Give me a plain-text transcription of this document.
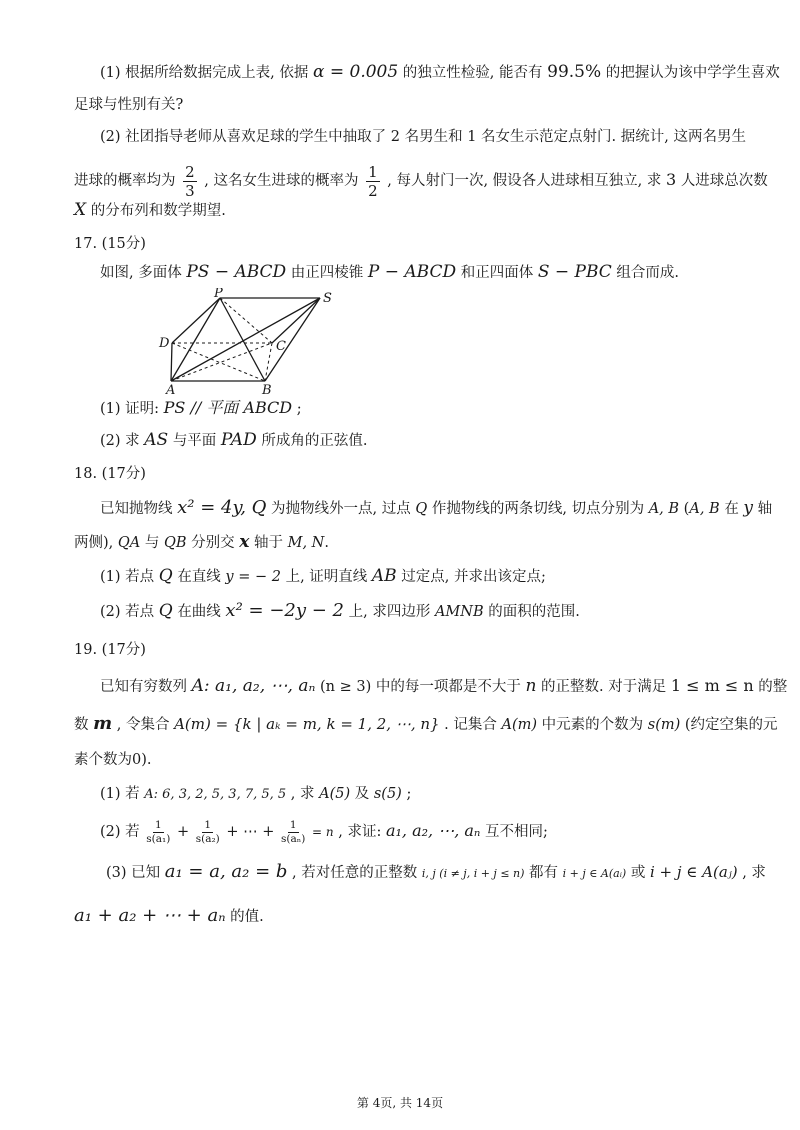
(1) 根据所给数据完成上表, 依据 α = 0.005 的独立性检验, 能否有 99.5% 的把握认为该中学学生喜欢
足球与性别有关?
(2) 社团指导老师从喜欢足球的学生中抽取了 2 名男生和 1 名女生示范定点射门. 据统计, 这两名男生
进球的概率均为 $\frac{2}{3}$ , 这名女生进球的概率为 $\frac{1}{2}$ , 每人射门一次, 假设各人进球相互独立, 求 3 人进球总次数
X 的分布列和数学期望.
17. (15分)
如图, 多面体 PS − ABCD 由正四棱锥 P − ABCD 和正四面体 S − PBC 组合而成.
P	S
D	C
A	B
(1) 证明: PS // 平面 ABCD ;
(2) 求 AS 与平面 PAD 所成角的正弦值.
18. (17分)
已知抛物线 x² = 4y, Q 为抛物线外一点, 过点 Q 作抛物线的两条切线, 切点分别为 A, B (A, B 在 y 轴
两侧), QA 与 QB 分别交 x 轴于 M, N.
(1) 若点 Q 在直线 y = − 2 上, 证明直线 AB 过定点, 并求出该定点;
(2) 若点 Q 在曲线 x² = −2y − 2 上, 求四边形 AMNB 的面积的范围.
19. (17分)
已知有穷数列 A: a₁, a₂, ⋯, aₙ (n ≥ 3) 中的每一项都是不大于 n 的正整数. 对于满足 1 ≤ m ≤ n 的整
数 m , 令集合 A(m) = {k | aₖ = m, k = 1, 2, ⋯, n} . 记集合 A(m) 中元素的个数为 s(m) (约定空集的元
素个数为0).
(1) 若 A: 6, 3, 2, 5, 3, 7, 5, 5 , 求 A(5) 及 s(5) ;
(2) 若 $\frac{1}{\text{s(a₁)}} + \frac{1}{\text{s(a₂)}}$ + ⋯ + $\frac{1}{\text{s(aₙ)}} = n$ , 求证: a₁, a₂, ⋯, aₙ 互不相同;
(3) 已知 a₁ = a, a₂ = b , 若对任意的正整数 i, j (i ≠ j, i + j ≤ n) 都有 i + j ∈ A(aᵢ) 或 i + j ∈ A(aⱼ) , 求
a₁ + a₂ + ⋯ + aₙ 的值.
第 4页, 共 14页
